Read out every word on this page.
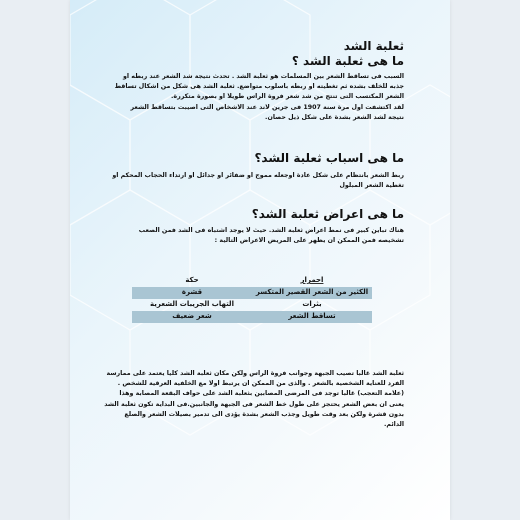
ثعلبة الشد
ما هى ثعلبة الشد ؟

السبب فى تساقط الشعر بين المسلمات هو ثعلبة الشد . تحدث نتيجة شد الشعر عند ربطه او
جذبه للخلف بشده ثم تغطيته او ربطه باسلوب متواضع. ثعلبة الشد هى شكل من اشكال تساقط
الشعر المكتسب التى تنتج من شد شعر فروة الراس طويلا او بصورة متكررة.
لقد اكتشفت اول مرة سنة 1907 فى جرين لاند عند الاشخاص التى اصيبت بتساقط الشعر
نتيجة لشد الشعر بشدة على شكل ذيل حصان.

ما هى اسباب ثعلبة الشد؟

ربط الشعر بانتظام على شكل عادة اوجعله مموج او ضفائر او جدائل او ارتداء الحجاب المحكم او
تغطية الشعر المبلول

ما هى اعراض ثعلبة الشد؟

هناك تباين كبير فى نمط اعراض ثعلبة الشد. حيث لا يوجد اشتباه فى الشد فمن الصعب
تشخيصه فمن الممكن ان يظهر على المريض الاعراض التالية :

احمرار
حكة
الكثير من الشعر القصير المتكسر
قشرة
بثرات
التهاب الجريبات الشعرية
تساقط الشعر
شعر ضعيف

ثعلبة الشد غالبا تصيب الجبهة وجوانب فروة الراس ولكن مكان ثعلبة الشد كليا يعتمد على ممارسة
الفرد للعناية الشخصية بالشعر . والذى من الممكن ان يرتبط اولا مع الخلفية العرقية للشخص .
(علامة التعجب) غالبا توجد فى المرضى المصابين بثعلبة الشد على حواف البقعة المصابة وهذا
يعنى ان بعض الشعر يحتجز على طول خط الشعر فى الجبهة والجانبين.فى البداية تكون ثعلبة الشد
بدون قشرة ولكن بعد وقت طويل وجذب الشعر بشدة يؤدى الى تدمير بصيلات الشعر والصلع الدائم.
